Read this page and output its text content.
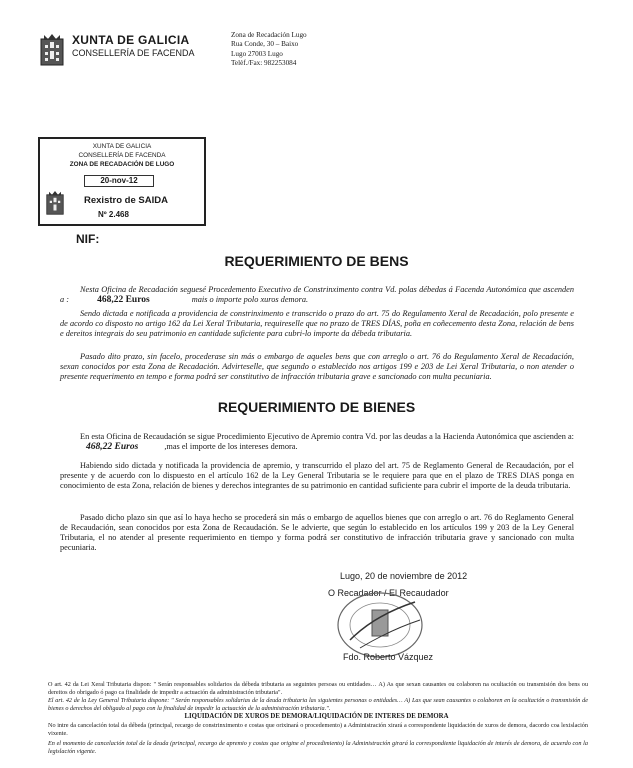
XUNTA DE GALICIA
CONSELLERÍA DE FACENDA
Zona de Recadación Lugo
Rua Conde, 30 – Baixo
Lugo 27003 Lugo
Telèf./Fax: 982253084
XUNTA DE GALICIA
CONSELLERÍA DE FACENDA
ZONA DE RECADACIÓN DE LUGO
20-nov-12
Rexistro de SAIDA
Nº 2.468
NIF:
REQUERIMIENTO DE BENS
Nesta Oficina de Recadación seguesé Procedemento Executivo de Constrinximento contra Vd. polas débedas á Facenda Autonómica que ascenden a :	468,22 Euros	mais o importe polo xuros demora.
Sendo dictada e notificada a providencia de constrinximento e transcrido o prazo do art. 75 do Regulamento Xeral de Recadación, polo presente e de acordo co disposto no artigo 162 da Lei Xeral Tributaria, requireselle que no prazo de TRES DÍAS, poña en coñecemento desta Zona, relación de bens e dereitos integrais do seu patrimonio en cantidade suficiente para cubri-lo importe da débeda tributaria.
Pasado dito prazo, sin facelo, procederase sin más o embargo de aqueles bens que con arreglo o art. 76 do Regulamento Xeral de Recadación, sexan conocidos por esta Zona de Recadación. Advirteselle, que segundo o establecido nos artigos 199 e 203 de Lei Xeral Tributaria, o non atender o presente requerimento en tempo e forma podrá ser constitutivo de infracción tributaria grave e sancionado con multa pecuniaria.
REQUERIMIENTO DE BIENES
En esta Oficina de Recaudación se sigue Procedimiento Ejecutivo de Apremio contra Vd. por las deudas a la Hacienda Autonómica que ascienden a: 468,22 Euros	,mas el importe de los intereses demora.
Habiendo sido dictada y notificada la providencia de apremio, y transcurrido el plazo del art. 75 de Reglamento General de Recaudación, por el presente y de acuerdo con lo dispuesto en el artículo 162 de la Ley General Tributaria se le requiere para que en el plazo de TRES DIAS ponga en conocimiento de esta Zona, relación de bienes y derechos integrantes de su patrimonio en cantidad suficiente para cubrir el importe de la deuda tributaria.
Pasado dicho plazo sin que así lo haya hecho se procederá sin más o embargo de aquellos bienes que con arreglo o art. 76 do Reglamento General de Recaudación, sean conocidos por esta Zona de Recaudación. Se le advierte, que según lo establecido en los artículos 199 y 203 de la Ley General Tributaria, el no atender al presente requerimiento en tiempo y forma podrá ser constitutivo de infracción tributaria grave y sancionado con multa pecuniaria.
Lugo, 20 de noviembre de 2012
O Recadador / El Recaudador
Fdo. Roberto Vázquez
O art. 42 da Lei Xeral Tributaria dispon: " Serán responsables solidarios da débeda tributaria as seguintes persoas ou entidades… A) As que sexan causantes ou colaboren na ocultación ou transmisión dos bens ou dereitos do obrigado ó pago ca finalidade de impedir a actuación da administración tributaria".
El art. 42 de la Ley General Tributaria dispone: " Serán responsables solidarias de la deuda tributaria las siguientes personas o entidades… A) Las que sean causantes o colaboren en la ocultación o transmisión de bienes o derechos del obligado al pago con la finalidad de impedir la actuación de la administración tributaria.".
LIQUIDACIÓN DE XUROS DE DEMORA/LIQUIDACIÓN DE INTERES DE DEMORA
No intre da cancelación total da débeda (principal, recargo de constrinximento e costas que orixinará o procedemento) a Administración xirará a correspondente liquidación de xuros de demora, dacordo coa lexislación vixente.
En el momento de cancelación total de la deuda (principal, recargo de apremio y costas que origine el procedimiento) la Administración girará la correspondiente liquidación de interés de demora, de acuerdo con la legislación vigente.
